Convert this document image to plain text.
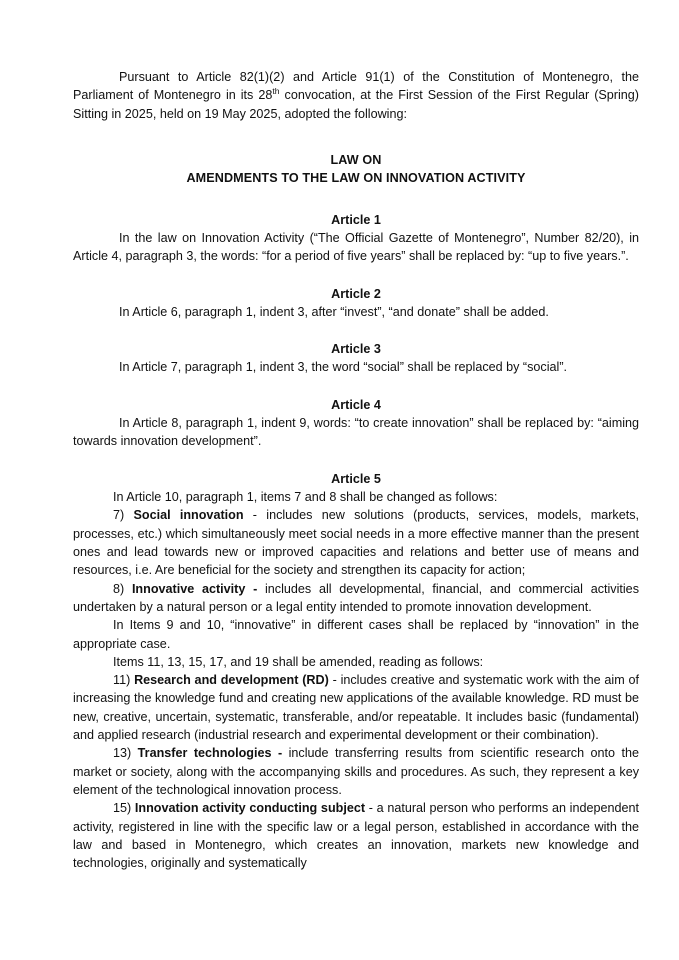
Pursuant to Article 82(1)(2) and Article 91(1) of the Constitution of Montenegro, the Parliament of Montenegro in its 28th convocation, at the First Session of the First Regular (Spring) Sitting in 2025, held on 19 May 2025, adopted the following:

LAW ON

AMENDMENTS TO THE LAW ON INNOVATION ACTIVITY

Article 1

In the law on Innovation Activity (“The Official Gazette of Montenegro”, Number 82/20), in Article 4, paragraph 3, the words: “for a period of five years” shall be replaced by: “up to five years.”.

Article 2

In Article 6, paragraph 1, indent 3, after “invest”, “and donate” shall be added.

Article 3

In Article 7, paragraph 1, indent 3, the word “social” shall be replaced by “social”.

Article 4

In Article 8, paragraph 1, indent 9, words: “to create innovation” shall be replaced by: “aiming towards innovation development”.

Article 5

In Article 10, paragraph 1, items 7 and 8 shall be changed as follows:

7) Social innovation - includes new solutions (products, services, models, markets, processes, etc.) which simultaneously meet social needs in a more effective manner than the present ones and lead towards new or improved capacities and relations and better use of means and resources, i.e. Are beneficial for the society and strengthen its capacity for action;

8) Innovative activity - includes all developmental, financial, and commercial activities undertaken by a natural person or a legal entity intended to promote innovation development.

In Items 9 and 10, “innovative” in different cases shall be replaced by “innovation” in the appropriate case.

Items 11, 13, 15, 17, and 19 shall be amended, reading as follows:

11) Research and development (RD) - includes creative and systematic work with the aim of increasing the knowledge fund and creating new applications of the available knowledge. RD must be new, creative, uncertain, systematic, transferable, and/or repeatable. It includes basic (fundamental) and applied research (industrial research and experimental development or their combination).

13) Transfer technologies - include transferring results from scientific research onto the market or society, along with the accompanying skills and procedures. As such, they represent a key element of the technological innovation process.

15) Innovation activity conducting subject - a natural person who performs an independent activity, registered in line with the specific law or a legal person, established in accordance with the law and based in Montenegro, which creates an innovation, markets new knowledge and technologies, originally and systematically
